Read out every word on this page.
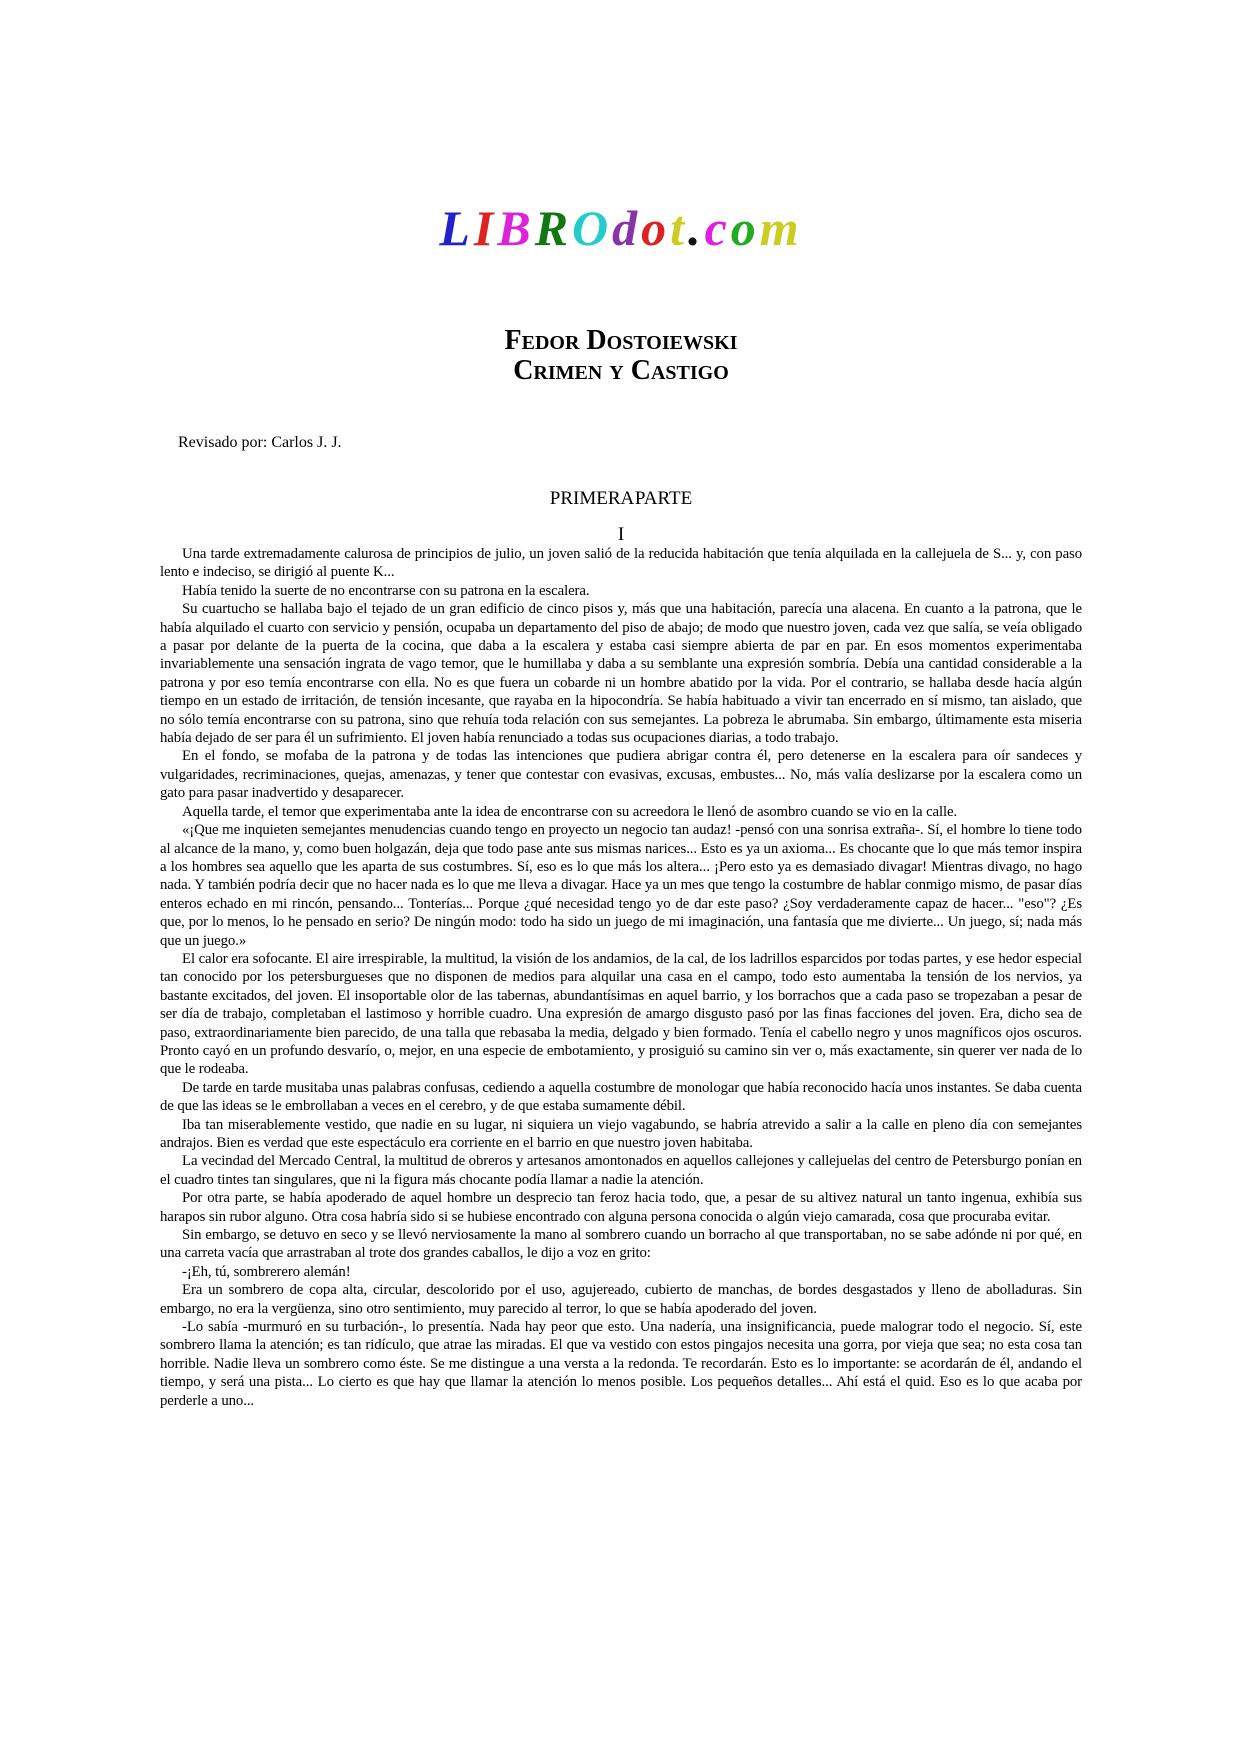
LIBROdot.com
Fedor Dostoiewski
Crimen y Castigo
Revisado por: Carlos J. J.
PRIMERA PARTE
I

Una tarde extremadamente calurosa de principios de julio, un joven salió de la reducida habitación que tenía alquilada en la callejuela de S... y, con paso lento e indeciso, se dirigió al puente K...

Había tenido la suerte de no encontrarse con su patrona en la escalera.

Su cuartucho se hallaba bajo el tejado de un gran edificio de cinco pisos y, más que una habitación, parecía una alacena. En cuanto a la patrona, que le había alquilado el cuarto con servicio y pensión, ocupaba un departamento del piso de abajo; de modo que nuestro joven, cada vez que salía, se veía obligado a pasar por delante de la puerta de la cocina, que daba a la escalera y estaba casi siempre abierta de par en par. En esos momentos experimentaba invariablemente una sensación ingrata de vago temor, que le humillaba y daba a su semblante una expresión sombría. Debía una cantidad considerable a la patrona y por eso temía encontrarse con ella. No es que fuera un cobarde ni un hombre abatido por la vida. Por el contrario, se hallaba desde hacía algún tiempo en un estado de irritación, de tensión incesante, que rayaba en la hipocondría. Se había habituado a vivir tan encerrado en sí mismo, tan aislado, que no sólo temía encontrarse con su patrona, sino que rehuía toda relación con sus semejantes. La pobreza le abrumaba. Sin embargo, últimamente esta miseria había dejado de ser para él un sufrimiento. El joven había renunciado a todas sus ocupaciones diarias, a todo trabajo.

En el fondo, se mofaba de la patrona y de todas las intenciones que pudiera abrigar contra él, pero detenerse en la escalera para oír sandeces y vulgaridades, recriminaciones, quejas, amenazas, y tener que contestar con evasivas, excusas, embustes... No, más valía deslizarse por la escalera como un gato para pasar inadvertido y desaparecer.

Aquella tarde, el temor que experimentaba ante la idea de encontrarse con su acreedora le llenó de asombro cuando se vio en la calle.

«¡Que me inquieten semejantes menudencias cuando tengo en proyecto un negocio tan audaz! -pensó con una sonrisa extraña-. Sí, el hombre lo tiene todo al alcance de la mano, y, como buen holgazán, deja que todo pase ante sus mismas narices... Esto es ya un axioma... Es chocante que lo que más temor inspira a los hombres sea aquello que les aparta de sus costumbres. Sí, eso es lo que más los altera... ¡Pero esto ya es demasiado divagar! Mientras divago, no hago nada. Y también podría decir que no hacer nada es lo que me lleva a divagar. Hace ya un mes que tengo la costumbre de hablar conmigo mismo, de pasar días enteros echado en mi rincón, pensando... Tonterías... Porque ¿qué necesidad tengo yo de dar este paso? ¿Soy verdaderamente capaz de hacer... "eso"? ¿Es que, por lo menos, lo he pensado en serio? De ningún modo: todo ha sido un juego de mi imaginación, una fantasía que me divierte... Un juego, sí; nada más que un juego.»

El calor era sofocante. El aire irrespirable, la multitud, la visión de los andamios, de la cal, de los ladrillos esparcidos por todas partes, y ese hedor especial tan conocido por los petersburgueses que no disponen de medios para alquilar una casa en el campo, todo esto aumentaba la tensión de los nervios, ya bastante excitados, del joven. El insoportable olor de las tabernas, abundantísimas en aquel barrio, y los borrachos que a cada paso se tropezaban a pesar de ser día de trabajo, completaban el lastimoso y horrible cuadro. Una expresión de amargo disgusto pasó por las finas facciones del joven. Era, dicho sea de paso, extraordinariamente bien parecido, de una talla que rebasaba la media, delgado y bien formado. Tenía el cabello negro y unos magníficos ojos oscuros. Pronto cayó en un profundo desvarío, o, mejor, en una especie de embotamiento, y prosiguió su camino sin ver o, más exactamente, sin querer ver nada de lo que le rodeaba.

De tarde en tarde musitaba unas palabras confusas, cediendo a aquella costumbre de monologar que había reconocido hacía unos instantes. Se daba cuenta de que las ideas se le embrollaban a veces en el cerebro, y de que estaba sumamente débil.

Iba tan miserablemente vestido, que nadie en su lugar, ni siquiera un viejo vagabundo, se habría atrevido a salir a la calle en pleno día con semejantes andrajos. Bien es verdad que este espectáculo era corriente en el barrio en que nuestro joven habitaba.

La vecindad del Mercado Central, la multitud de obreros y artesanos amontonados en aquellos callejones y callejuelas del centro de Petersburgo ponían en el cuadro tintes tan singulares, que ni la figura más chocante podía llamar a nadie la atención.

Por otra parte, se había apoderado de aquel hombre un desprecio tan feroz hacia todo, que, a pesar de su altivez natural un tanto ingenua, exhibía sus harapos sin rubor alguno. Otra cosa habría sido si se hubiese encontrado con alguna persona conocida o algún viejo camarada, cosa que procuraba evitar.

Sin embargo, se detuvo en seco y se llevó nerviosamente la mano al sombrero cuando un borracho al que transportaban, no se sabe adónde ni por qué, en una carreta vacía que arrastraban al trote dos grandes caballos, le dijo a voz en grito:

-¡Eh, tú, sombrerero alemán!

Era un sombrero de copa alta, circular, descolorido por el uso, agujereado, cubierto de manchas, de bordes desgastados y lleno de abolladuras. Sin embargo, no era la vergüenza, sino otro sentimiento, muy parecido al terror, lo que se había apoderado del joven.

-Lo sabía -murmuró en su turbación-, lo presentía. Nada hay peor que esto. Una nadería, una insignificancia, puede malograr todo el negocio. Sí, este sombrero llama la atención; es tan ridículo, que atrae las miradas. El que va vestido con estos pingajos necesita una gorra, por vieja que sea; no esta cosa tan horrible. Nadie lleva un sombrero como éste. Se me distingue a una versta a la redonda. Te recordarán. Esto es lo importante: se acordarán de él, andando el tiempo, y será una pista... Lo cierto es que hay que llamar la atención lo menos posible. Los pequeños detalles... Ahí está el quid. Eso es lo que acaba por perderle a uno...
